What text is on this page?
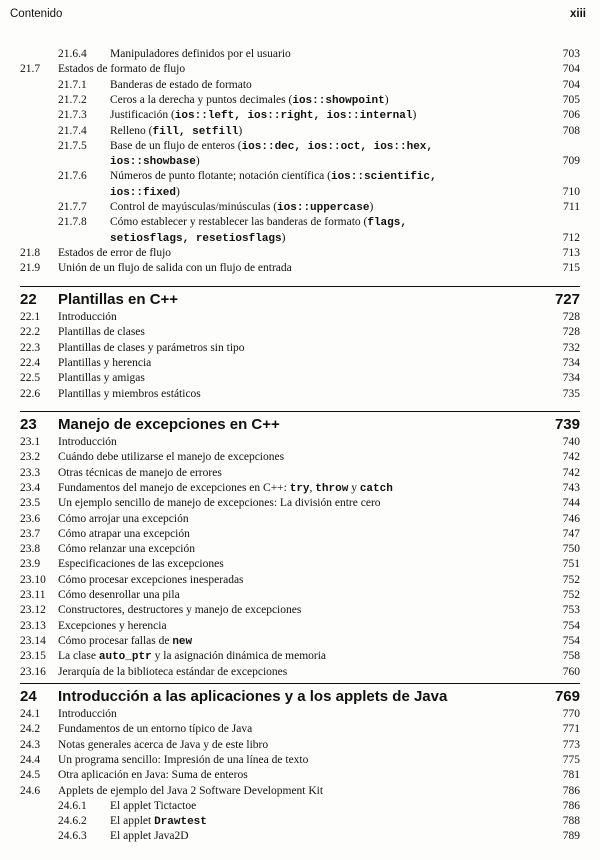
Contenido	xiii
21.6.4 Manipuladores definidos por el usuario	703
21.7 Estados de formato de flujo	704
21.7.1 Banderas de estado de formato	704
21.7.2 Ceros a la derecha y puntos decimales (ios::showpoint)	705
21.7.3 Justificación (ios::left, ios::right, ios::internal)	706
21.7.4 Relleno (fill, setfill)	708
21.7.5 Base de un flujo de enteros (ios::dec, ios::oct, ios::hex,
ios::showbase)	709
21.7.6 Números de punto flotante; notación científica (ios::scientific,
ios::fixed)	710
21.7.7 Control de mayúsculas/minúsculas (ios::uppercase)	711
21.7.8 Cómo establecer y restablecer las banderas de formato (flags,
setiosflags, resetiosflags)	712
21.8 Estados de error de flujo	713
21.9 Unión de un flujo de salida con un flujo de entrada	715
22 Plantillas en C++	727
22.1 Introducción	728
22.2 Plantillas de clases	728
22.3 Plantillas de clases y parámetros sin tipo	732
22.4 Plantillas y herencia	734
22.5 Plantillas y amigas	734
22.6 Plantillas y miembros estáticos	735
23 Manejo de excepciones en C++	739
23.1 Introducción	740
23.2 Cuándo debe utilizarse el manejo de excepciones	742
23.3 Otras técnicas de manejo de errores	742
23.4 Fundamentos del manejo de excepciones en C++: try, throw y catch	743
23.5 Un ejemplo sencillo de manejo de excepciones: La división entre cero	744
23.6 Cómo arrojar una excepción	746
23.7 Cómo atrapar una excepción	747
23.8 Cómo relanzar una excepción	750
23.9 Especificaciones de las excepciones	751
23.10 Cómo procesar excepciones inesperadas	752
23.11 Cómo desenrollar una pila	752
23.12 Constructores, destructores y manejo de excepciones	753
23.13 Excepciones y herencia	754
23.14 Cómo procesar fallas de new	754
23.15 La clase auto_ptr y la asignación dinámica de memoria	758
23.16 Jerarquía de la biblioteca estándar de excepciones	760
24 Introducción a las aplicaciones y a los applets de Java	769
24.1 Introducción	770
24.2 Fundamentos de un entorno típico de Java	771
24.3 Notas generales acerca de Java y de este libro	773
24.4 Un programa sencillo: Impresión de una línea de texto	775
24.5 Otra aplicación en Java: Suma de enteros	781
24.6 Applets de ejemplo del Java 2 Software Development Kit	786
24.6.1 El applet Tictactoe	786
24.6.2 El applet Drawtest	788
24.6.3 El applet Java2D	789
